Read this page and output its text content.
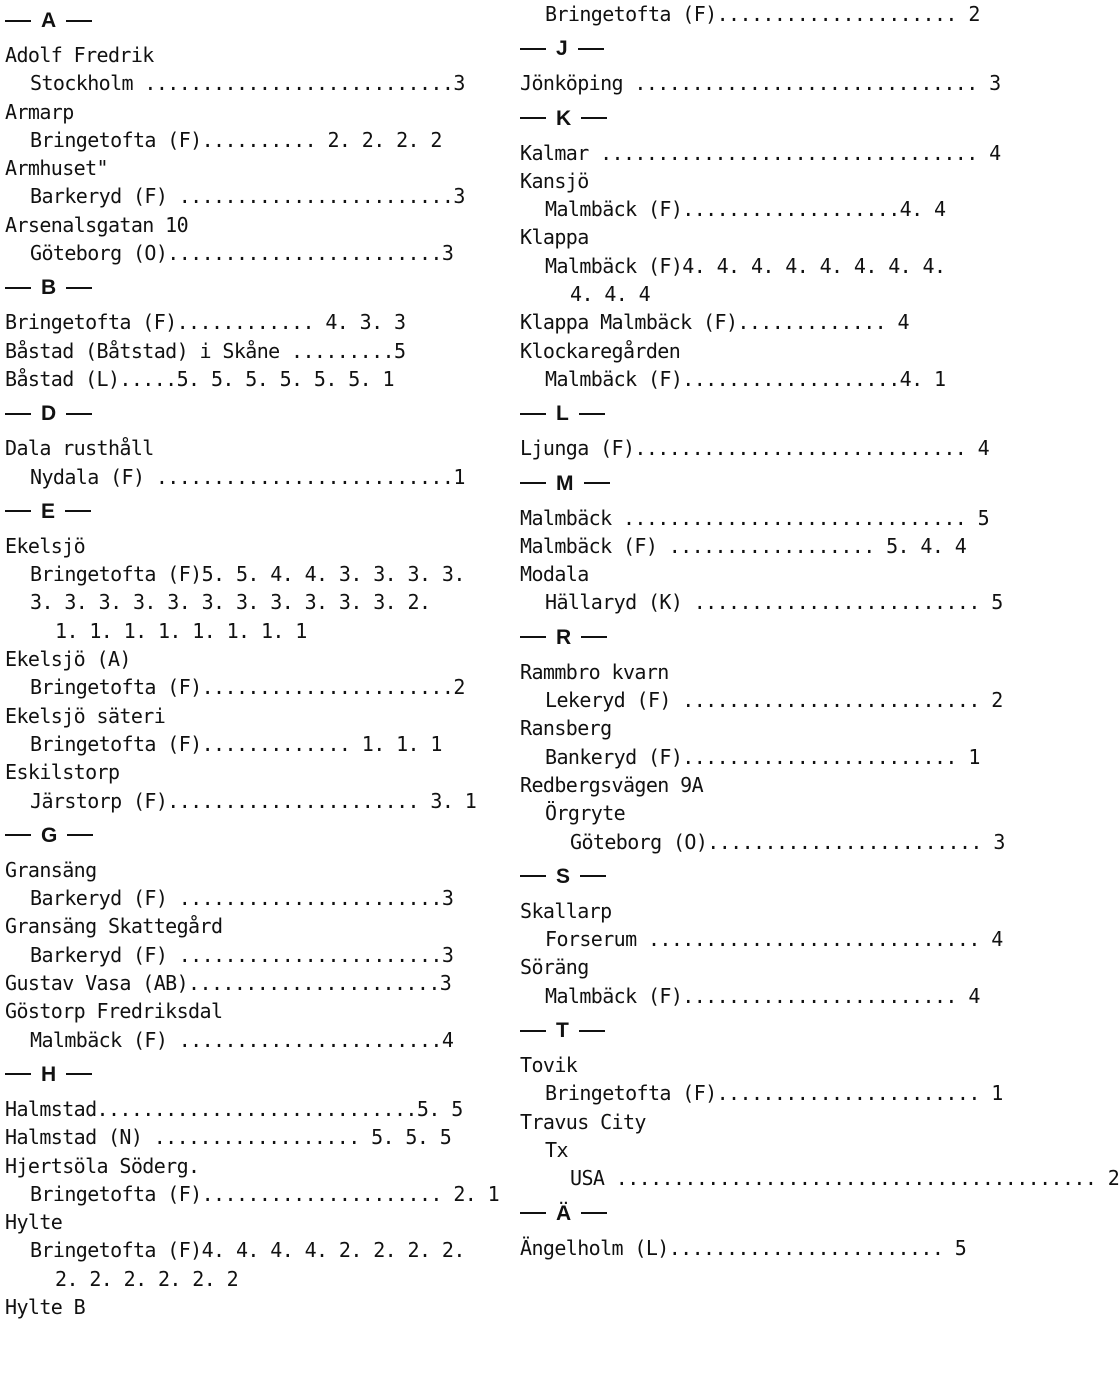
A
Adolf Fredrik
Stockholm ...........................3
Armarp
Bringetofta (F).......... 2. 2. 2. 2
Armhuset"
Barkeryd (F) ........................3
Arsenalsgatan 10
Göteborg (O)........................3
B
Bringetofta (F)............ 4. 3. 3
Båstad (Båtstad) i Skåne .........5
Båstad (L).....5. 5. 5. 5. 5. 5. 1
D
Dala rusthåll
Nydala (F) ..........................1
E
Ekelsjö
Bringetofta (F)5. 5. 4. 4. 3. 3. 3. 3.
3. 3. 3. 3. 3. 3. 3. 3. 3. 3. 3. 2.
1. 1. 1. 1. 1. 1. 1. 1
Ekelsjö (A)
Bringetofta (F)......................2
Ekelsjö säteri
Bringetofta (F)............. 1. 1. 1
Eskilstorp
Järstorp (F)...................... 3. 1
G
Gransäng
Barkeryd (F) .......................3
Gransäng Skattegård
Barkeryd (F) .......................3
Gustav Vasa (AB)......................3
Göstorp Fredriksdal
Malmbäck (F) .......................4
H
Halmstad............................5. 5
Halmstad (N) .................. 5. 5. 5
Hjertsöla Söderg.
Bringetofta (F)..................... 2. 1
Hylte
Bringetofta (F)4. 4. 4. 4. 2. 2. 2. 2.
2. 2. 2. 2. 2. 2
Hylte B
Bringetofta (F)..................... 2
J
Jönköping .............................. 3
K
Kalmar ................................. 4
Kansjö
Malmbäck (F)...................4. 4
Klappa
Malmbäck (F)4. 4. 4. 4. 4. 4. 4. 4.
4. 4. 4
Klappa Malmbäck (F)............. 4
Klockaregården
Malmbäck (F)...................4. 1
L
Ljunga (F)............................. 4
M
Malmbäck .............................. 5
Malmbäck (F) .................. 5. 4. 4
Modala
Hällaryd (K) ......................... 5
R
Rammbro kvarn
Lekeryd (F) .......................... 2
Ransberg
Bankeryd (F)........................ 1
Redbergsvägen 9A
Örgryte
Göteborg (O)........................ 3
S
Skallarp
Forserum ............................. 4
Söräng
Malmbäck (F)........................ 4
T
Tovik
Bringetofta (F)....................... 1
Travus City
Tx
USA .......................................... 2
Ä
Ängelholm (L)........................ 5
